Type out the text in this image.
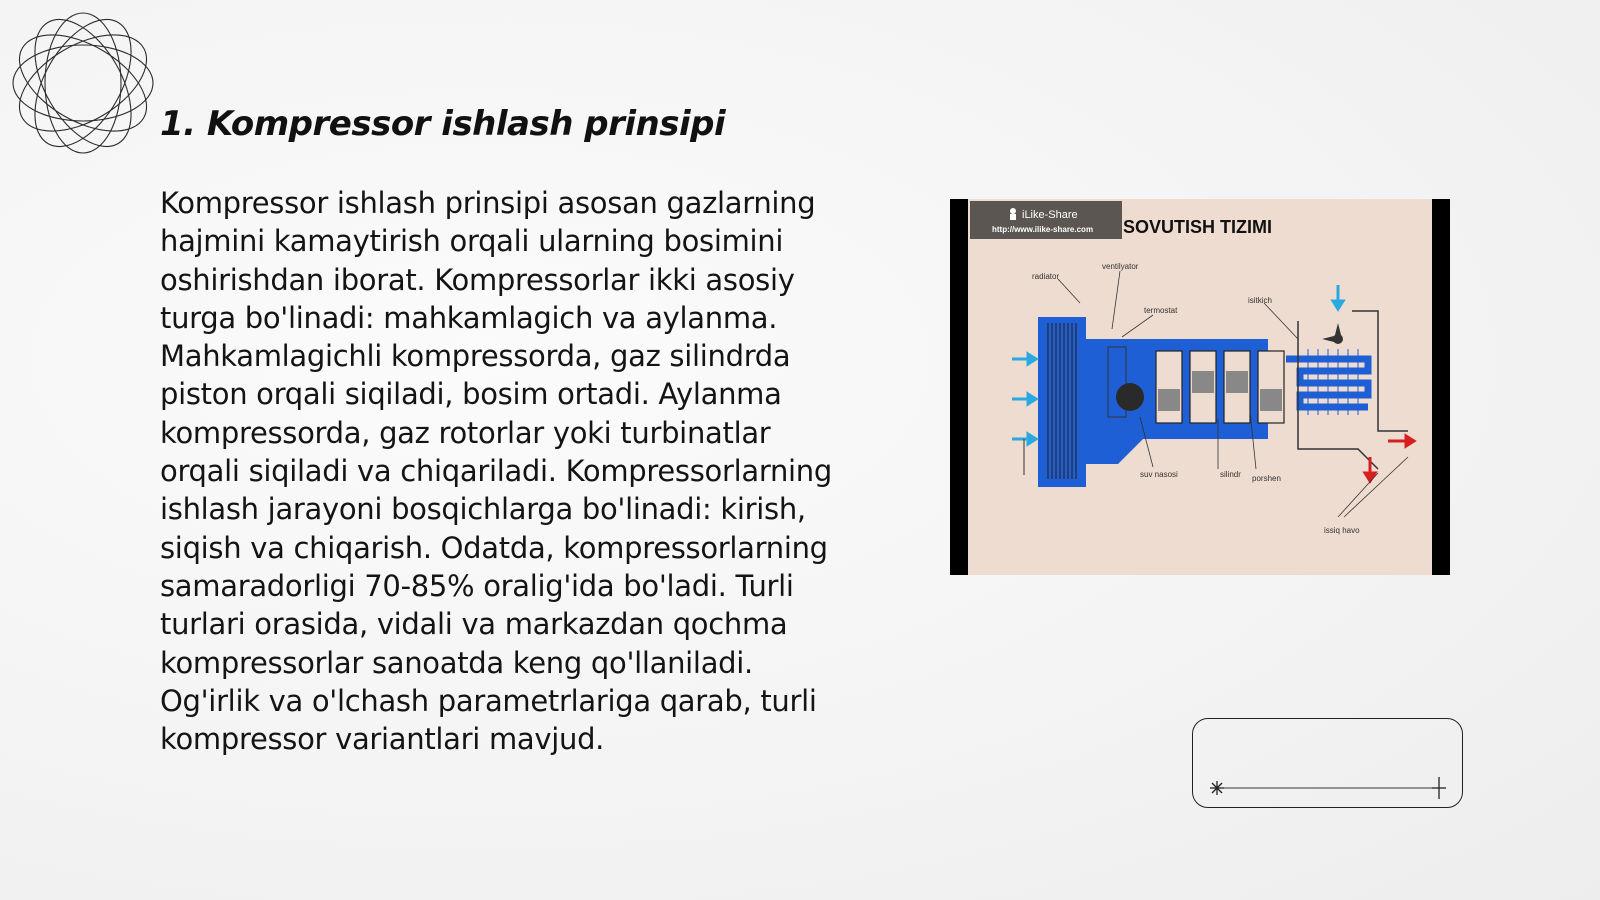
1. Kompressor ishlash prinsipi

Kompressor ishlash prinsipi asosan gazlarning hajmini kamaytirish orqali ularning bosimini oshirishdan iborat. Kompressorlar ikki asosiy turga bo'linadi: mahkamlagich va aylanma. Mahkamlagichli kompressorda, gaz silindrda piston orqali siqiladi, bosim ortadi. Aylanma kompressorda, gaz rotorlar yoki turbinatlar orqali siqiladi va chiqariladi. Kompressorlarning ishlash jarayoni bosqichlarga bo'linadi: kirish, siqish va chiqarish. Odatda, kompressorlarning samaradorligi 70-85% oralig'ida bo'ladi. Turli turlari orasida, vidali va markazdan qochma kompressorlar sanoatda keng qo'llaniladi. Og'irlik va o'lchash parametrlariga qarab, turli kompressor variantlari mavjud.

radiator
ventilyator
termostat
isitkich
suv nasosi	silindr porshen
issiq havo
iLike-Share
http://www.ilike-share.com SOVUTISH TIZIMI
